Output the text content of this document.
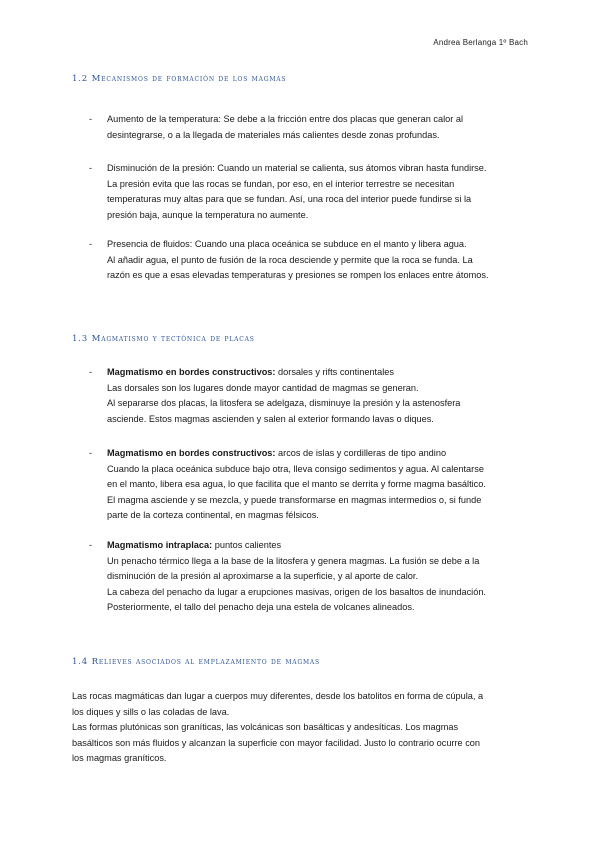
Andrea Berlanga 1º Bach
1.2 Mecanismos de formación de los magmas
- Aumento de la temperatura: Se debe a la fricción entre dos placas que generan calor al
desintegrarse, o a la llegada de materiales más calientes desde zonas profundas.
- Disminución de la presión: Cuando un material se calienta, sus átomos vibran hasta fundirse.
La presión evita que las rocas se fundan, por eso, en el interior terrestre se necesitan
temperaturas muy altas para que se fundan. Así, una roca del interior puede fundirse si la
presión baja, aunque la temperatura no aumente.
- Presencia de fluidos: Cuando una placa oceánica se subduce en el manto y libera agua.
Al añadir agua, el punto de fusión de la roca desciende y permite que la roca se funda. La
razón es que a esas elevadas temperaturas y presiones se rompen los enlaces entre átomos.
1.3 Magmatismo y tectónica de placas
- Magmatismo en bordes constructivos: dorsales y rifts continentales
Las dorsales son los lugares donde mayor cantidad de magmas se generan.
Al separarse dos placas, la litosfera se adelgaza, disminuye la presión y la astenosfera
asciende. Estos magmas ascienden y salen al exterior formando lavas o diques.
- Magmatismo en bordes constructivos: arcos de islas y cordilleras de tipo andino
Cuando la placa oceánica subduce bajo otra, lleva consigo sedimentos y agua. Al calentarse
en el manto, libera esa agua, lo que facilita que el manto se derrita y forme magma basáltico.
El magma asciende y se mezcla, y puede transformarse en magmas intermedios o, si funde
parte de la corteza continental, en magmas félsicos.
- Magmatismo intraplaca: puntos calientes
Un penacho térmico llega a la base de la litosfera y genera magmas. La fusión se debe a la
disminución de la presión al aproximarse a la superficie, y al aporte de calor.
La cabeza del penacho da lugar a erupciones masivas, origen de los basaltos de inundación.
Posteriormente, el tallo del penacho deja una estela de volcanes alineados.
1.4 Relieves asociados al emplazamiento de magmas
Las rocas magmáticas dan lugar a cuerpos muy diferentes, desde los batolitos en forma de cúpula, a
los diques y sills o las coladas de lava.
Las formas plutónicas son graníticas, las volcánicas son basálticas y andesíticas. Los magmas
basálticos son más fluidos y alcanzan la superficie con mayor facilidad. Justo lo contrario ocurre con
los magmas graníticos.
